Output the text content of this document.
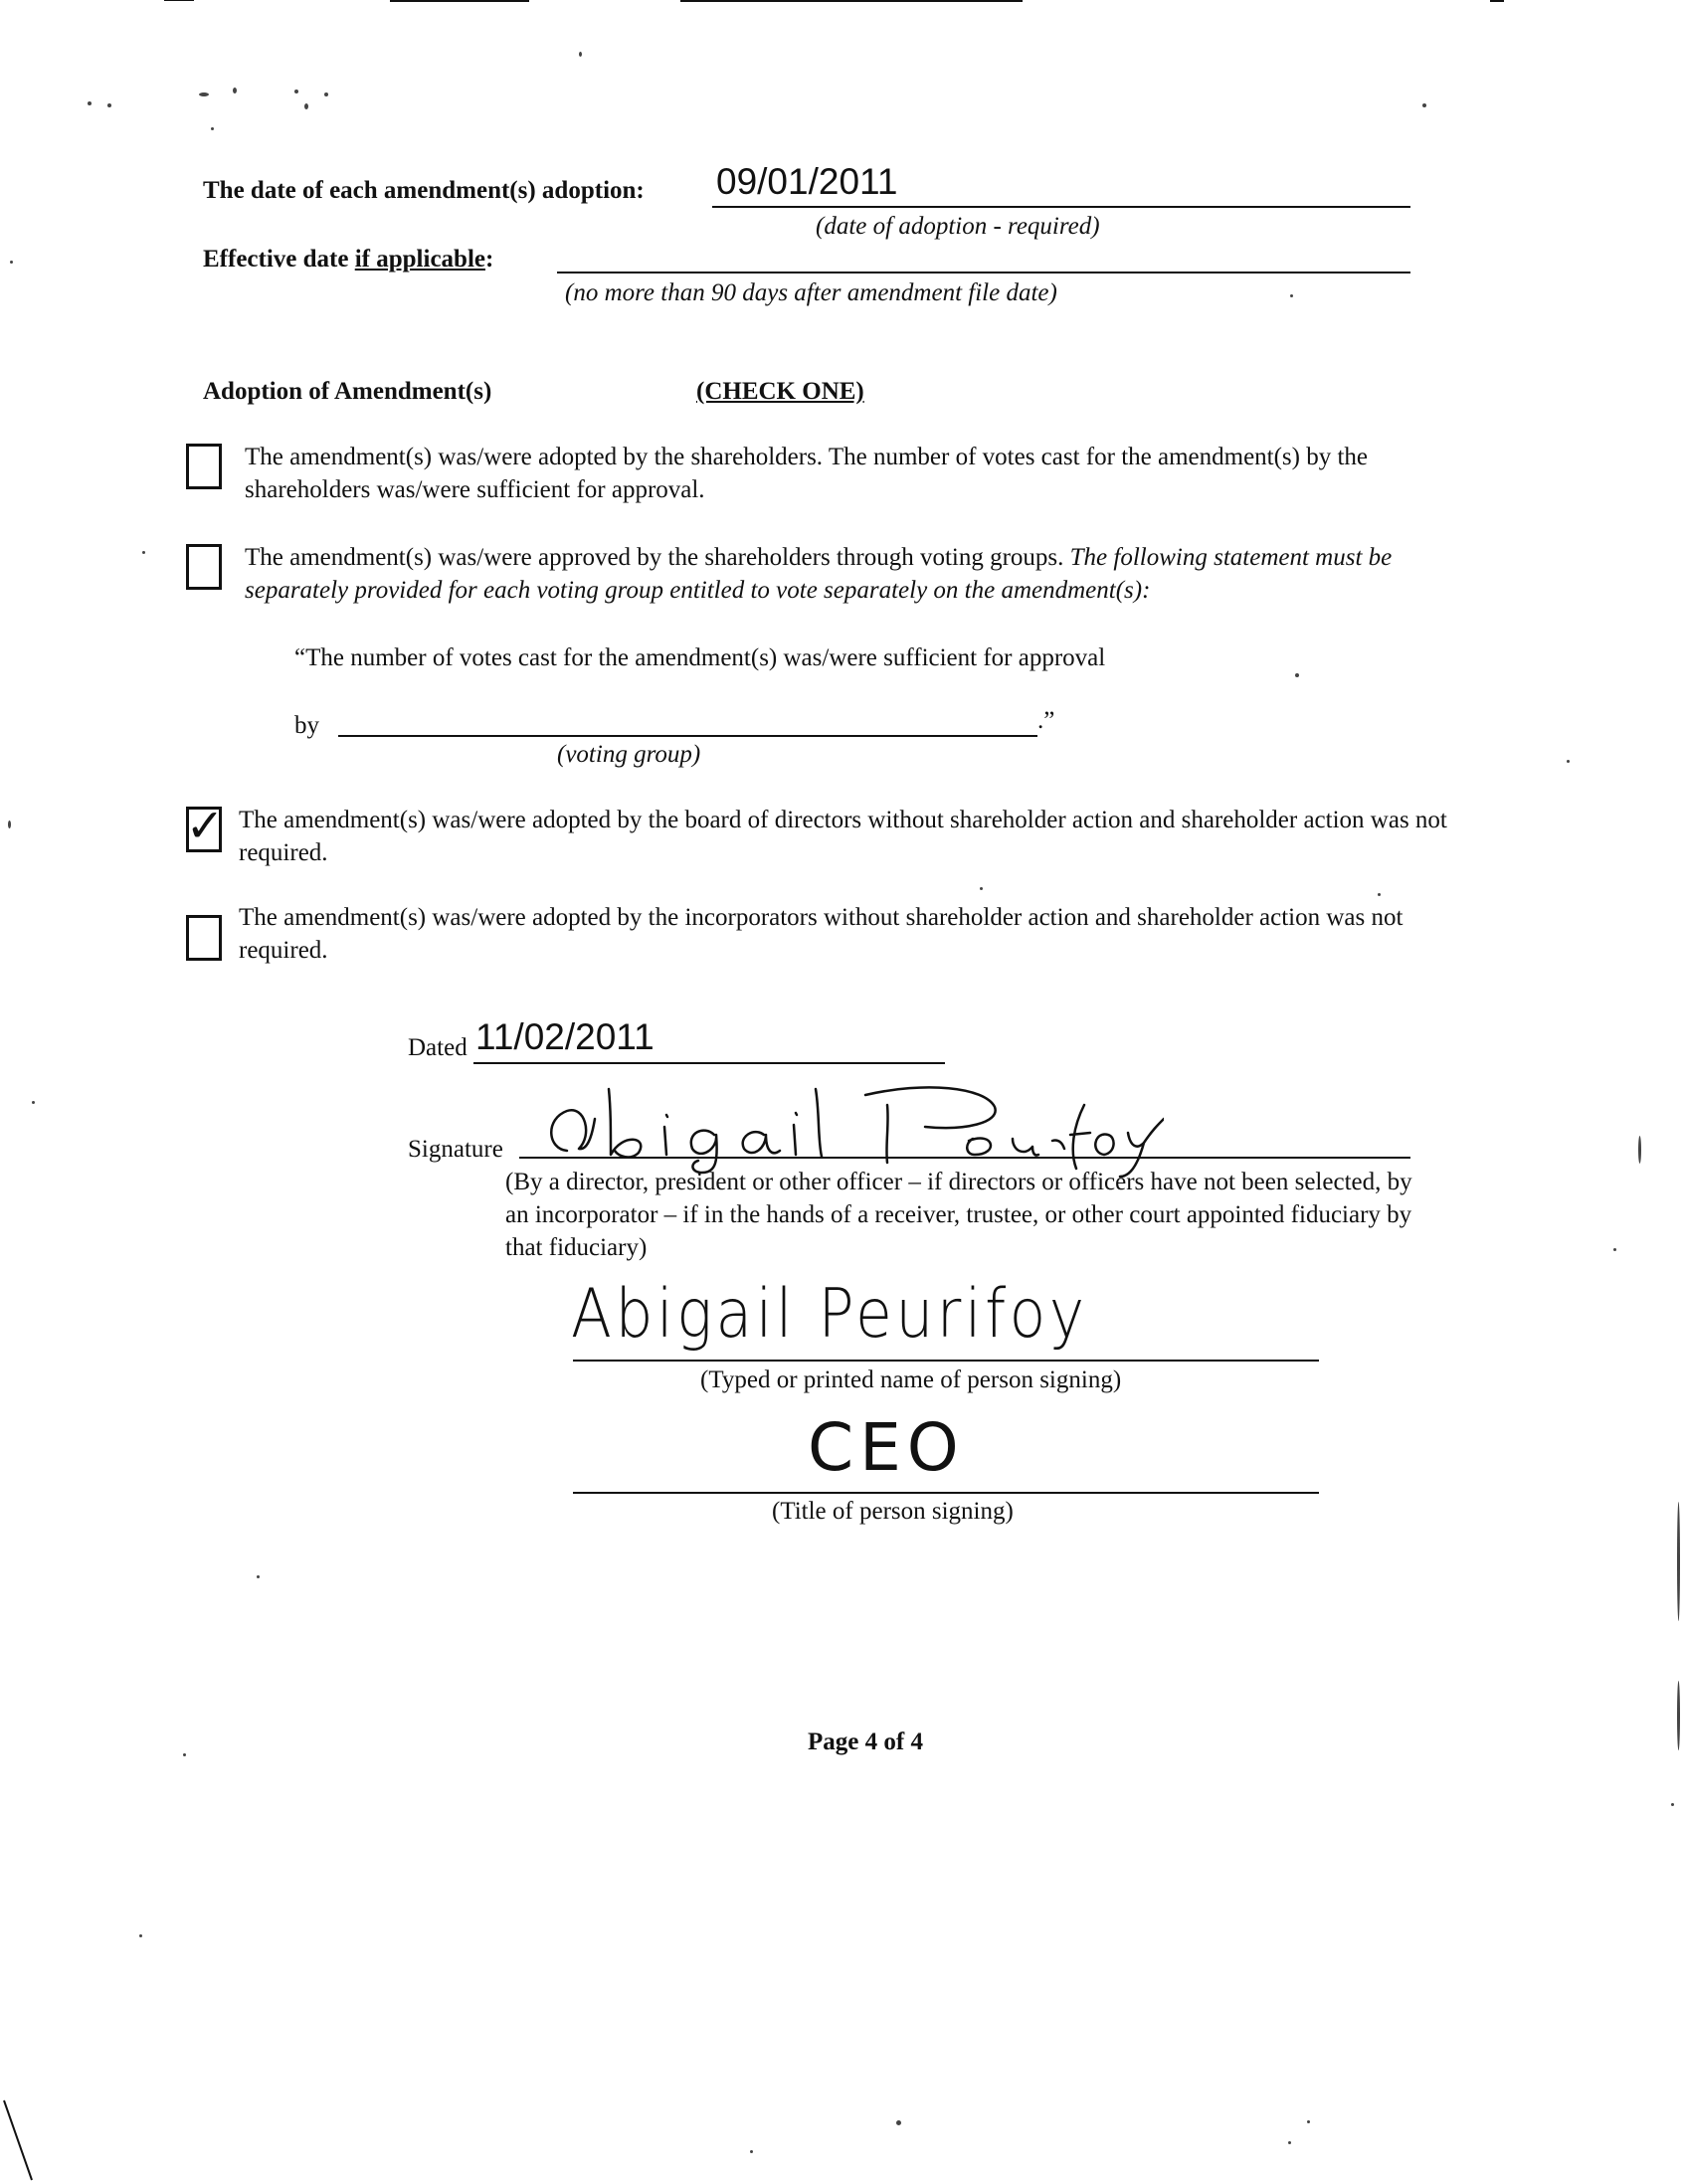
The date of each amendment(s) adoption: 09/01/2011
(date of adoption - required)
Effective date if applicable:
(no more than 90 days after amendment file date)
Adoption of Amendment(s)	(CHECK ONE)
The amendment(s) was/were adopted by the shareholders. The number of votes cast for the amendment(s) by the shareholders was/were sufficient for approval.
The amendment(s) was/were approved by the shareholders through voting groups. The following statement must be separately provided for each voting group entitled to vote separately on the amendment(s):
“The number of votes cast for the amendment(s) was/were sufficient for approval
by	.”
(voting group)
✓ The amendment(s) was/were adopted by the board of directors without shareholder action and shareholder action was not required.
The amendment(s) was/were adopted by the incorporators without shareholder action and shareholder action was not required.
Dated 11/02/2011
Signature
(By a director, president or other officer – if directors or officers have not been selected, by an incorporator – if in the hands of a receiver, trustee, or other court appointed fiduciary by that fiduciary)
Abigail Peurifoy
(Typed or printed name of person signing)
CEO
(Title of person signing)
Page 4 of 4
